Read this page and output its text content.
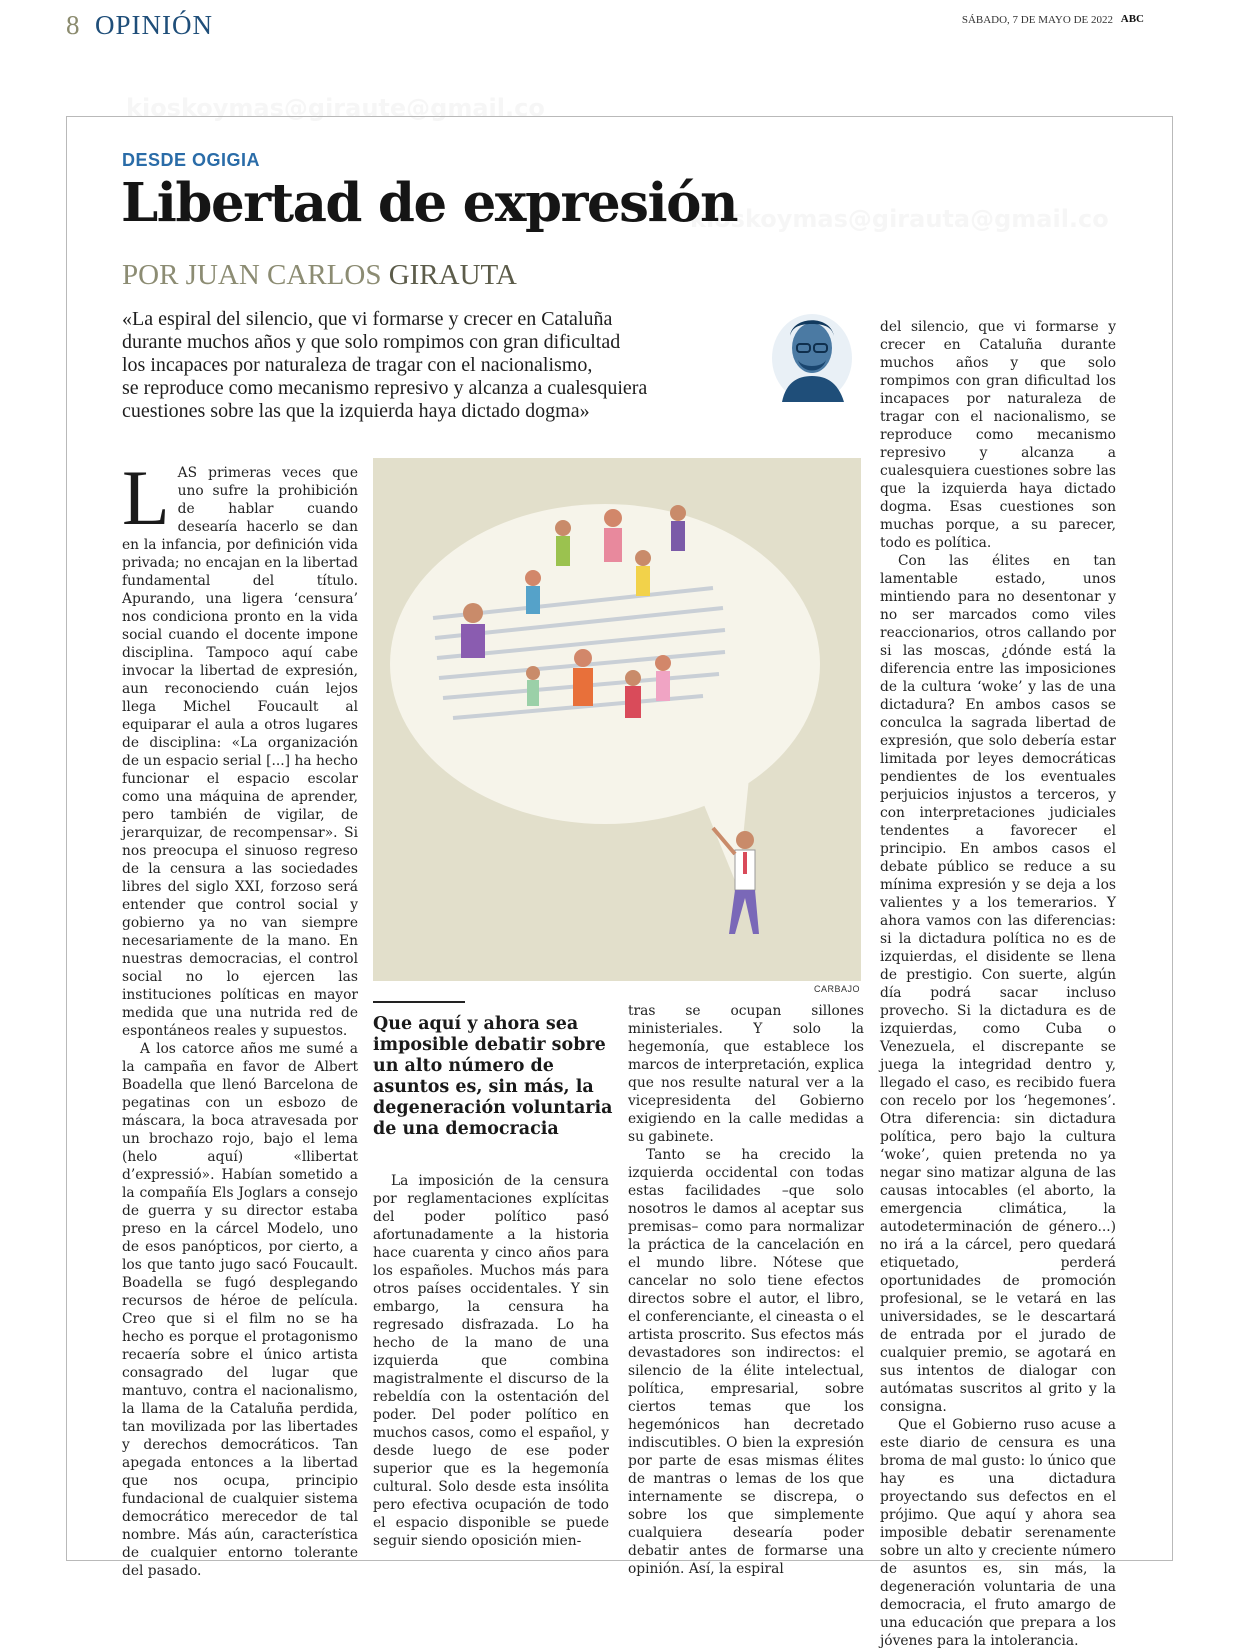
kioskoymas@giraute@gmail.co
kioskoymas@girauta@gmail.co
8 OPINIÓN	SÁBADO, 7 DE MAYO DE 2022 ABC
DESDE OGIGIA
Libertad de expresión
POR JUAN CARLOS GIRAUTA
«La espiral del silencio, que vi formarse y crecer en Cataluña
durante muchos años y que solo rompimos con gran dificultad
los incapaces por naturaleza de tragar con el nacionalismo,
se reproduce como mecanismo represivo y alcanza a cualesquiera
cuestiones sobre las que la izquierda haya dictado dogma»
L AS primeras veces que uno sufre la prohibición de hablar cuando desearía hacerlo se dan en la infancia, por definición vida privada; no encajan en la libertad fundamental del título. Apurando, una ligera ‘censura’ nos condiciona pronto en la vida social cuando el docente impone disciplina. Tampoco aquí cabe invocar la libertad de expresión, aun reconociendo cuán lejos llega Michel Foucault al equiparar el aula a otros lugares de disciplina: «La organización de un espacio serial [...] ha hecho funcionar el espacio escolar como una máquina de aprender, pero también de vigilar, de jerarquizar, de recompensar». Si nos preocupa el sinuoso regreso de la censura a las sociedades libres del siglo XXI, forzoso será entender que control social y gobierno ya no van siempre necesariamente de la mano. En nuestras democracias, el control social no lo ejercen las instituciones políticas en mayor medida que una nutrida red de espontáneos reales y supuestos.

A los catorce años me sumé a la campaña en favor de Albert Boadella que llenó Barcelona de pegatinas con un esbozo de máscara, la boca atravesada por un brochazo rojo, bajo el lema (helo aquí) «llibertat d’expressió». Habían sometido a la compañía Els Joglars a consejo de guerra y su director estaba preso en la cárcel Modelo, uno de esos panópticos, por cierto, a los que tanto jugo sacó Foucault. Boadella se fugó desplegando recursos de héroe de película. Creo que si el film no se ha hecho es porque el protagonismo recaería sobre el único artista consagrado del lugar que mantuvo, contra el nacionalismo, la llama de la Cataluña perdida, tan movilizada por las libertades y derechos democráticos. Tan apegada entonces a la libertad que nos ocupa, principio fundacional de cualquier sistema democrático merecedor de tal nombre. Más aún, característica de cualquier entorno tolerante del pasado.

CARBAJO
Que aquí y ahora sea imposible debatir sobre un alto número de asuntos es, sin más, la degeneración voluntaria de una democracia

La imposición de la censura por reglamentaciones explícitas del poder político pasó afortunadamente a la historia hace cuarenta y cinco años para los españoles. Muchos más para otros países occidentales. Y sin embargo, la censura ha regresado disfrazada. Lo ha hecho de la mano de una izquierda que combina magistralmente el discurso de la rebeldía con la ostentación del poder. Del poder político en muchos casos, como el español, y desde luego de ese poder superior que es la hegemonía cultural. Solo desde esta insólita pero efectiva ocupación de todo el espacio disponible se puede seguir siendo oposición mien-

tras se ocupan sillones ministeriales. Y solo la hegemonía, que establece los marcos de interpretación, explica que nos resulte natural ver a la vicepresidenta del Gobierno exigiendo en la calle medidas a su gabinete.

Tanto se ha crecido la izquierda occidental con todas estas facilidades –que solo nosotros le damos al aceptar sus premisas– como para normalizar la práctica de la cancelación en el mundo libre. Nótese que cancelar no solo tiene efectos directos sobre el autor, el libro, el conferenciante, el cineasta o el artista proscrito. Sus efectos más devastadores son indirectos: el silencio de la élite intelectual, política, empresarial, sobre ciertos temas que los hegemónicos han decretado indiscutibles. O bien la expresión por parte de esas mismas élites de mantras o lemas de los que internamente se discrepa, o sobre los que simplemente cualquiera desearía poder debatir antes de formarse una opinión. Así, la espiral

del silencio, que vi formarse y crecer en Cataluña durante muchos años y que solo rompimos con gran dificultad los incapaces por naturaleza de tragar con el nacionalismo, se reproduce como mecanismo represivo y alcanza a cualesquiera cuestiones sobre las que la izquierda haya dictado dogma. Esas cuestiones son muchas porque, a su parecer, todo es política.

Con las élites en tan lamentable estado, unos mintiendo para no desentonar y no ser marcados como viles reaccionarios, otros callando por si las moscas, ¿dónde está la diferencia entre las imposiciones de la cultura ‘woke’ y las de una dictadura? En ambos casos se conculca la sagrada libertad de expresión, que solo debería estar limitada por leyes democráticas pendientes de los eventuales perjuicios injustos a terceros, y con interpretaciones judiciales tendentes a favorecer el principio. En ambos casos el debate público se reduce a su mínima expresión y se deja a los valientes y a los temerarios. Y ahora vamos con las diferencias: si la dictadura política no es de izquierdas, el disidente se llena de prestigio. Con suerte, algún día podrá sacar incluso provecho. Si la dictadura es de izquierdas, como Cuba o Venezuela, el discrepante se juega la integridad dentro y, llegado el caso, es recibido fuera con recelo por los ‘hegemones’. Otra diferencia: sin dictadura política, pero bajo la cultura ‘woke’, quien pretenda no ya negar sino matizar alguna de las causas intocables (el aborto, la emergencia climática, la autodeterminación de género...) no irá a la cárcel, pero quedará etiquetado, perderá oportunidades de promoción profesional, se le vetará en las universidades, se le descartará de entrada por el jurado de cualquier premio, se agotará en sus intentos de dialogar con autómatas suscritos al grito y la consigna.

Que el Gobierno ruso acuse a este diario de censura es una broma de mal gusto: lo único que hay es una dictadura proyectando sus defectos en el prójimo. Que aquí y ahora sea imposible debatir serenamente sobre un alto y creciente número de asuntos es, sin más, la degeneración voluntaria de una democracia, el fruto amargo de una educación que prepara a los jóvenes para la intolerancia.
